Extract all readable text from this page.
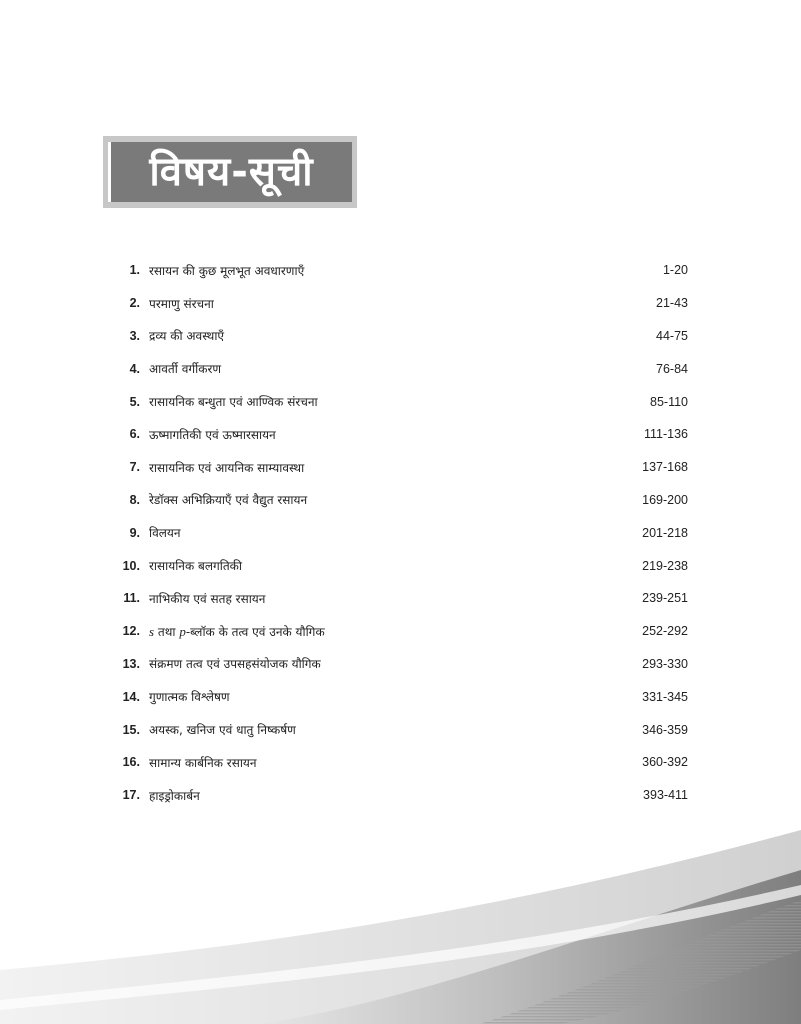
विषय-सूची
1. रसायन की कुछ मूलभूत अवधारणाएँ	1-20
2. परमाणु संरचना	21-43
3. द्रव्य की अवस्थाएँ	44-75
4. आवर्ती वर्गीकरण	76-84
5. रासायनिक बन्धुता एवं आण्विक संरचना	85-110
6. ऊष्मागतिकी एवं ऊष्मारसायन	111-136
7. रासायनिक एवं आयनिक साम्यावस्था	137-168
8. रेडॉक्स अभिक्रियाएँ एवं वैद्युत रसायन	169-200
9. विलयन	201-218
10. रासायनिक बलगतिकी	219-238
11. नाभिकीय एवं सतह रसायन	239-251
12. s तथा p-ब्लॉक के तत्व एवं उनके यौगिक	252-292
13. संक्रमण तत्व एवं उपसहसंयोजक यौगिक	293-330
14. गुणात्मक विश्लेषण	331-345
15. अयस्क, खनिज एवं धातु निष्कर्षण	346-359
16. सामान्य कार्बनिक रसायन	360-392
17. हाइड्रोकार्बन	393-411
